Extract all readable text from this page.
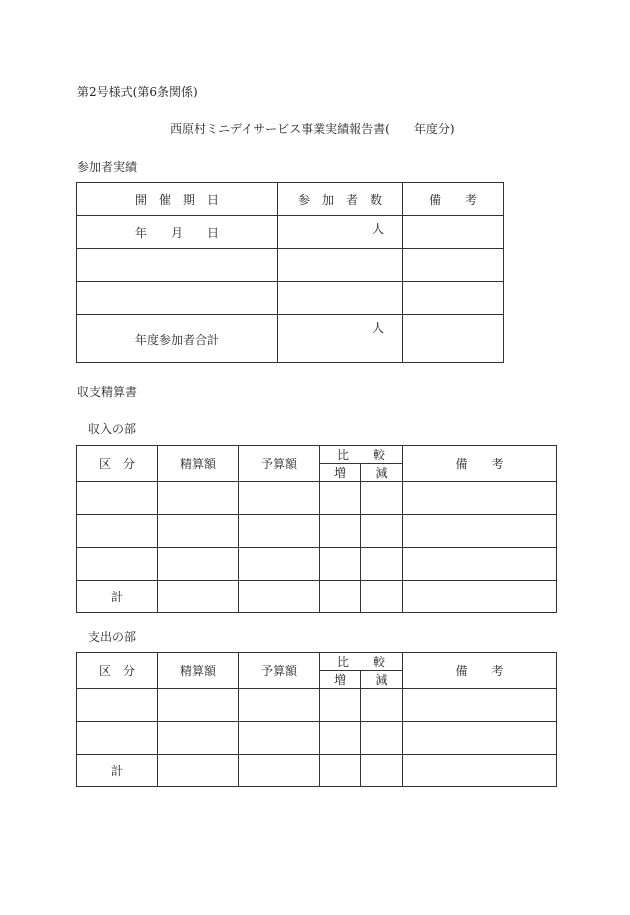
第2号様式(第6条関係)
西原村ミニデイサービス事業実績報告書(　　年度分)
参加者実績
開　催　期　日	参　加　者　数	備　　考
年　　月　　日	人	

年度参加者合計	人	

収支精算書
収入の部
区　分	精算額	予算額	比　　較		備　　考
			増	減	

計					
支出の部
区　分	精算額	予算額	比　　較		備　　考
			増	減	

計					
